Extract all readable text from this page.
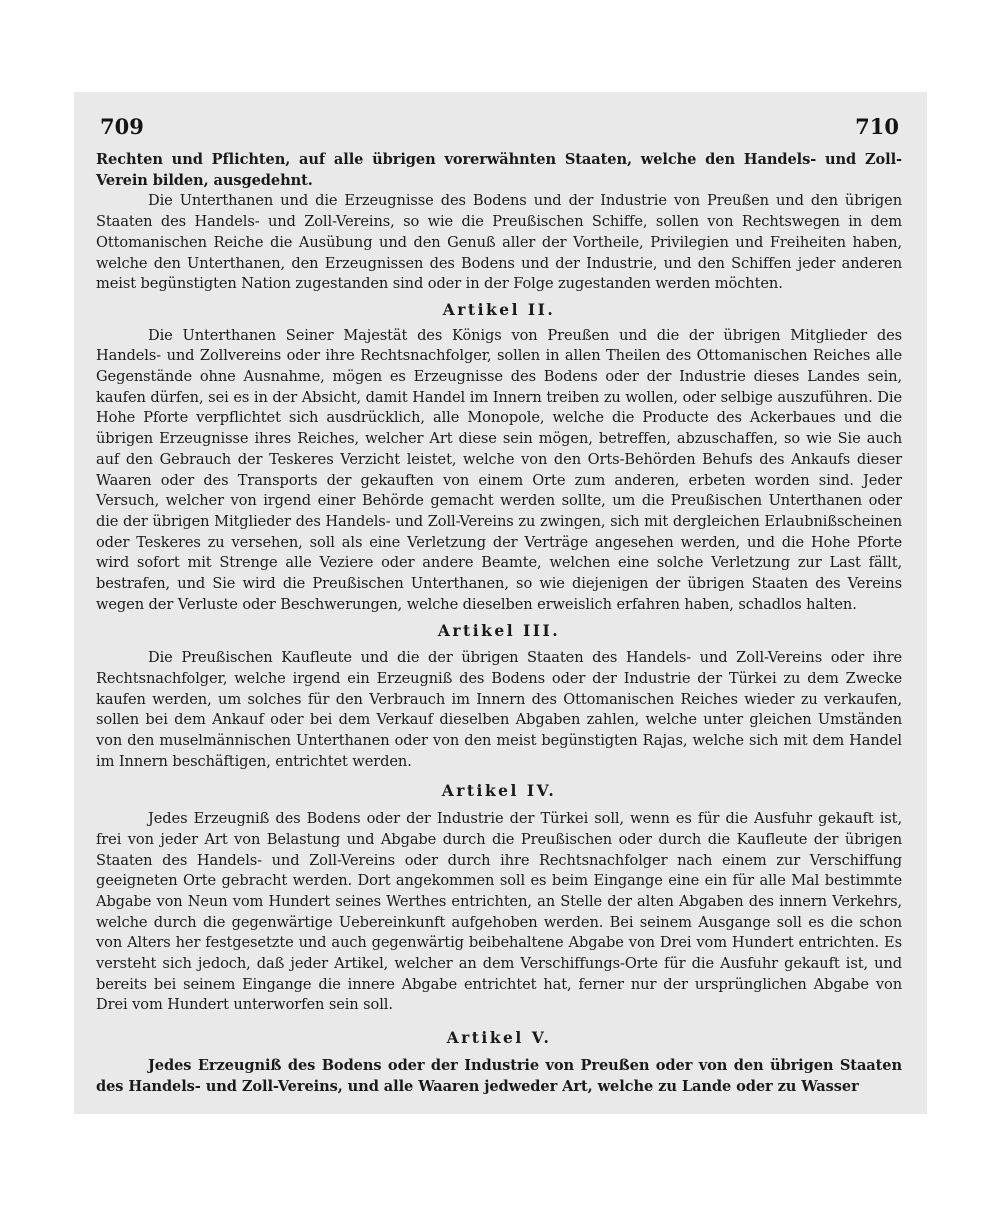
709	710

Rechten und Pflichten, auf alle übrigen vorerwähnten Staaten, welche den Handels- und Zoll-Verein bilden, ausgedehnt.

Die Unterthanen und die Erzeugnisse des Bodens und der Industrie von Preußen und den übrigen Staaten des Handels- und Zoll-Vereins, so wie die Preußischen Schiffe, sollen von Rechtswegen in dem Ottomanischen Reiche die Ausübung und den Genuß aller der Vortheile, Privilegien und Freiheiten haben, welche den Unterthanen, den Erzeugnissen des Bodens und der Industrie, und den Schiffen jeder anderen meist begünstigten Nation zugestanden sind oder in der Folge zugestanden werden möchten.

Artikel II.

Die Unterthanen Seiner Majestät des Königs von Preußen und die der übrigen Mitglieder des Handels- und Zollvereins oder ihre Rechtsnachfolger, sollen in allen Theilen des Ottomanischen Reiches alle Gegenstände ohne Ausnahme, mögen es Erzeugnisse des Bodens oder der Industrie dieses Landes sein, kaufen dürfen, sei es in der Absicht, damit Handel im Innern treiben zu wollen, oder selbige auszuführen. Die Hohe Pforte verpflichtet sich ausdrücklich, alle Monopole, welche die Producte des Ackerbaues und die übrigen Erzeugnisse ihres Reiches, welcher Art diese sein mögen, betreffen, abzuschaffen, so wie Sie auch auf den Gebrauch der Teskeres Verzicht leistet, welche von den Orts-Behörden Behufs des Ankaufs dieser Waaren oder des Transports der gekauften von einem Orte zum anderen, erbeten worden sind. Jeder Versuch, welcher von irgend einer Behörde gemacht werden sollte, um die Preußischen Unterthanen oder die der übrigen Mitglieder des Handels- und Zoll-Vereins zu zwingen, sich mit dergleichen Erlaubnißscheinen oder Teskeres zu versehen, soll als eine Verletzung der Verträge angesehen werden, und die Hohe Pforte wird sofort mit Strenge alle Veziere oder andere Beamte, welchen eine solche Verletzung zur Last fällt, bestrafen, und Sie wird die Preußischen Unterthanen, so wie diejenigen der übrigen Staaten des Vereins wegen der Verluste oder Beschwerungen, welche dieselben erweislich erfahren haben, schadlos halten.

Artikel III.

Die Preußischen Kaufleute und die der übrigen Staaten des Handels- und Zoll-Vereins oder ihre Rechtsnachfolger, welche irgend ein Erzeugniß des Bodens oder der Industrie der Türkei zu dem Zwecke kaufen werden, um solches für den Verbrauch im Innern des Ottomanischen Reiches wieder zu verkaufen, sollen bei dem Ankauf oder bei dem Verkauf dieselben Abgaben zahlen, welche unter gleichen Umständen von den muselmännischen Unterthanen oder von den meist begünstigten Rajas, welche sich mit dem Handel im Innern beschäftigen, entrichtet werden.

Artikel IV.

Jedes Erzeugniß des Bodens oder der Industrie der Türkei soll, wenn es für die Ausfuhr gekauft ist, frei von jeder Art von Belastung und Abgabe durch die Preußischen oder durch die Kaufleute der übrigen Staaten des Handels- und Zoll-Vereins oder durch ihre Rechtsnachfolger nach einem zur Verschiffung geeigneten Orte gebracht werden. Dort angekommen soll es beim Eingange eine ein für alle Mal bestimmte Abgabe von Neun vom Hundert seines Werthes entrichten, an Stelle der alten Abgaben des innern Verkehrs, welche durch die gegenwärtige Uebereinkunft aufgehoben werden. Bei seinem Ausgange soll es die schon von Alters her festgesetzte und auch gegenwärtig beibehaltene Abgabe von Drei vom Hundert entrichten. Es versteht sich jedoch, daß jeder Artikel, welcher an dem Verschiffungs-Orte für die Ausfuhr gekauft ist, und bereits bei seinem Eingange die innere Abgabe entrichtet hat, ferner nur der ursprünglichen Abgabe von Drei vom Hundert unterworfen sein soll.

Artikel V.

Jedes Erzeugniß des Bodens oder der Industrie von Preußen oder von den übrigen Staaten des Handels- und Zoll-Vereins, und alle Waaren jedweder Art, welche zu Lande oder zu Wasser
